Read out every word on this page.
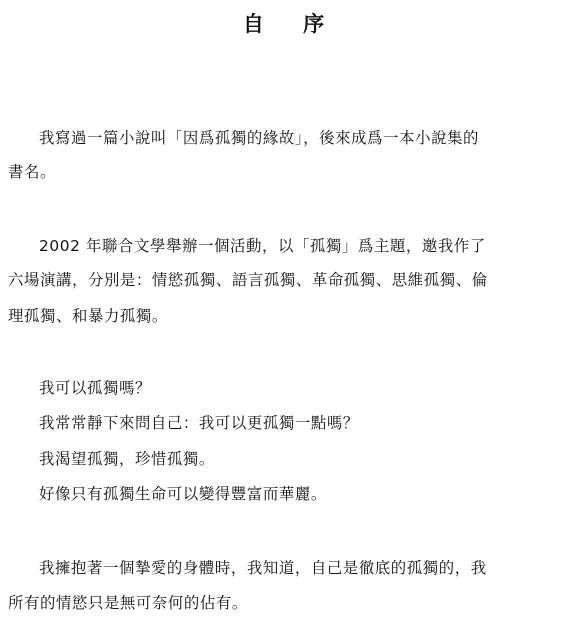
自 序
我寫過一篇小說叫「因爲孤獨的緣故」，後來成爲一本小說集的
書名。
2002 年聯合文學舉辦一個活動，以「孤獨」爲主題，邀我作了
六場演講，分別是：情慾孤獨、語言孤獨、革命孤獨、思維孤獨、倫
理孤獨、和暴力孤獨。
我可以孤獨嗎？
我常常靜下來問自己：我可以更孤獨一點嗎？
我渴望孤獨，珍惜孤獨。
好像只有孤獨生命可以變得豐富而華麗。
我擁抱著一個摯愛的身體時，我知道，自己是徹底的孤獨的，我
所有的情慾只是無可奈何的佔有。
